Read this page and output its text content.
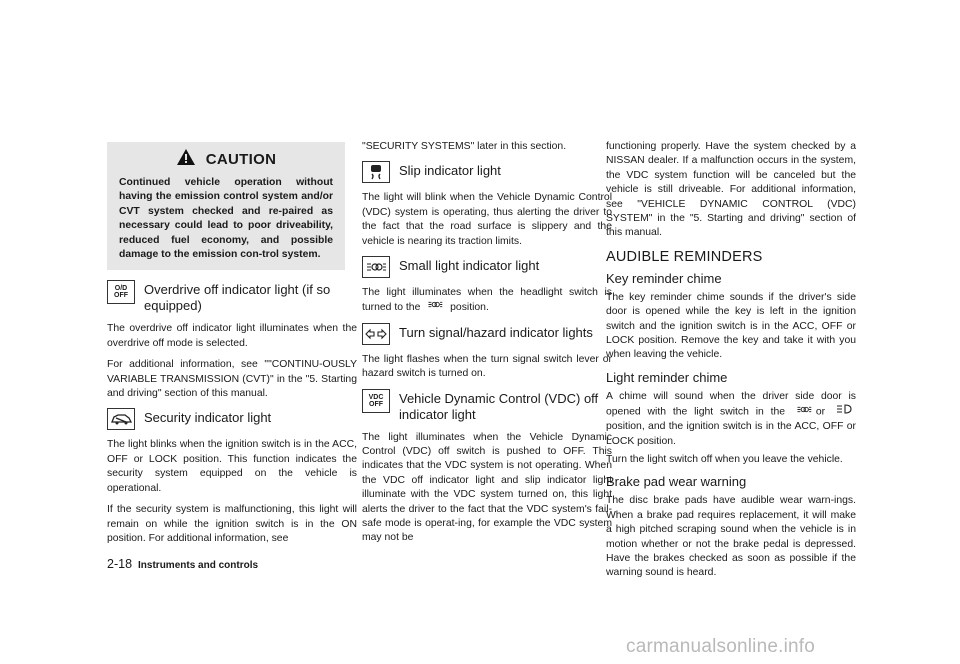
CAUTION
Continued vehicle operation without having the emission control system and/or CVT system checked and re-paired as necessary could lead to poor driveability, reduced fuel economy, and possible damage to the emission con-trol system.
O/D OFF	Overdrive off indicator light (if so equipped)

The overdrive off indicator light illuminates when the overdrive off mode is selected.

For additional information, see ""CONTINU-OUSLY VARIABLE TRANSMISSION (CVT)" in the "5. Starting and driving" section of this manual.

Security indicator light

The light blinks when the ignition switch is in the ACC, OFF or LOCK position. This function indicates the security system equipped on the vehicle is operational.

If the security system is malfunctioning, this light will remain on while the ignition switch is in the ON position. For additional information, see

"SECURITY SYSTEMS" later in this section.

Slip indicator light

The light will blink when the Vehicle Dynamic Control (VDC) system is operating, thus alerting the driver to the fact that the road surface is slippery and the vehicle is nearing its traction limits.

Small light indicator light

The light illuminates when the headlight switch is turned to the	position.

Turn signal/hazard indicator lights

The light flashes when the turn signal switch lever or hazard switch is turned on.

VDC OFF	Vehicle Dynamic Control (VDC) off indicator light

The light illuminates when the Vehicle Dynamic Control (VDC) off switch is pushed to OFF. This indicates that the VDC system is not operating. When the VDC off indicator light and slip indicator light illuminate with the VDC system turned on, this light alerts the driver to the fact that the VDC system's fail-safe mode is operat-ing, for example the VDC system may not be

functioning properly. Have the system checked by a NISSAN dealer. If a malfunction occurs in the system, the VDC system function will be canceled but the vehicle is still driveable. For additional information, see "VEHICLE DYNAMIC CONTROL (VDC) SYSTEM" in the "5. Starting and driving" section of this manual.

AUDIBLE REMINDERS
Key reminder chime

The key reminder chime sounds if the driver's side door is opened while the key is left in the ignition switch and the ignition switch is in the ACC, OFF or LOCK position. Remove the key and take it with you when leaving the vehicle.

Light reminder chime

A chime will sound when the driver side door is opened with the light switch in the	or  position, and the ignition switch is in the ACC, OFF or LOCK position.

Turn the light switch off when you leave the vehicle.

Brake pad wear warning

The disc brake pads have audible wear warn-ings. When a brake pad requires replacement, it will make a high pitched scraping sound when the vehicle is in motion whether or not the brake pedal is depressed. Have the brakes checked as soon as possible if the warning sound is heard.

2-18 Instruments and controls
carmanualsonline.info
